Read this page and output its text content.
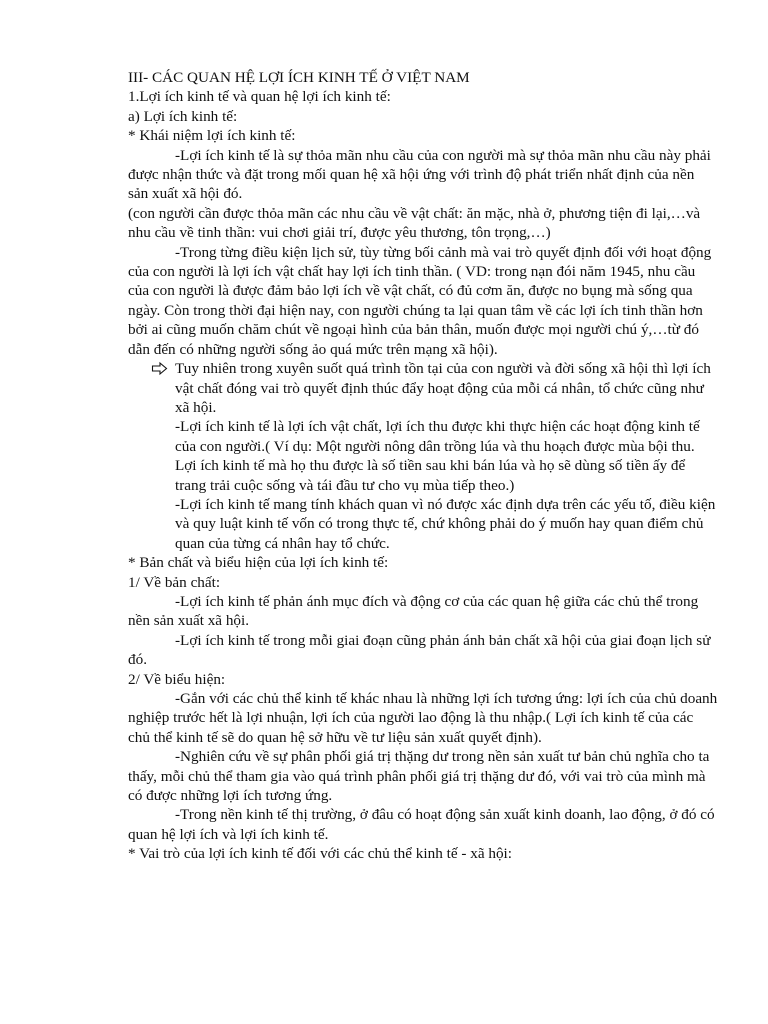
III- CÁC QUAN HỆ LỢI ÍCH KINH TẾ Ở VIỆT NAM

1.Lợi ích kinh tế và quan hệ lợi ích kinh tế:

a) Lợi ích kinh tế:

* Khái niệm lợi ích kinh tế:

-Lợi ích kinh tế là sự thỏa mãn nhu cầu của con người mà sự thỏa mãn nhu cầu này phải được nhận thức và đặt trong mối quan hệ xã hội ứng với trình độ phát triển nhất định của nền sản xuất xã hội đó.

(con người cần được thỏa mãn các nhu cầu về vật chất: ăn mặc, nhà ở, phương tiện đi lại,…và nhu cầu về tinh thần: vui chơi giải trí, được yêu thương, tôn trọng,…)

-Trong từng điều kiện lịch sử, tùy từng bối cảnh mà vai trò quyết định đối với hoạt động của con người là lợi ích vật chất hay lợi ích tinh thần. ( VD: trong nạn đói năm 1945, nhu cầu của con người là được đảm bảo lợi ích về vật chất, có đủ cơm ăn, được no bụng mà sống qua ngày. Còn trong thời đại hiện nay, con người chúng ta lại quan tâm về các lợi ích tinh thần hơn bởi ai cũng muốn chăm chút về ngoại hình của bản thân, muốn được mọi người chú ý,…từ đó dẫn đến có những người sống ảo quá mức trên mạng xã hội).

Tuy nhiên trong xuyên suốt quá trình tồn tại của con người và đời sống xã hội thì lợi ích vật chất đóng vai trò quyết định thúc đẩy hoạt động của mỗi cá nhân, tổ chức cũng như xã hội.

-Lợi ích kinh tế là lợi ích vật chất, lợi ích thu được khi thực hiện các hoạt động kinh tế của con người.( Ví dụ: Một người nông dân trồng lúa và thu hoạch được mùa bội thu. Lợi ích kinh tế mà họ thu được là số tiền sau khi bán lúa và họ sẽ dùng số tiền ấy để trang trải cuộc sống và tái đầu tư cho vụ mùa tiếp theo.)

-Lợi ích kinh tế mang tính khách quan vì nó được xác định dựa trên các yếu tố, điều kiện và quy luật kinh tế vốn có trong thực tế, chứ không phải do ý muốn hay quan điểm chủ quan của từng cá nhân hay tổ chức.

* Bản chất và biểu hiện của lợi ích kinh tế:

1/ Về bản chất:

-Lợi ích kinh tế phản ánh mục đích và động cơ của các quan hệ giữa các chủ thể trong nền sản xuất xã hội.

-Lợi ích kinh tế trong mỗi giai đoạn cũng phản ánh bản chất xã hội của giai đoạn lịch sử đó.

2/ Về biểu hiện:

-Gắn với các chủ thể kinh tế khác nhau là những lợi ích tương ứng: lợi ích của chủ doanh nghiệp trước hết là lợi nhuận, lợi ích của người lao động là thu nhập.( Lợi ích kinh tế của các chủ thể kinh tế sẽ do quan hệ sở hữu về tư liệu sản xuất quyết định).

-Nghiên cứu về sự phân phối giá trị thặng dư trong nền sản xuất tư bản chủ nghĩa cho ta thấy, mỗi chủ thể tham gia vào quá trình phân phối giá trị thặng dư đó, với vai trò của mình mà có được những lợi ích tương ứng.

-Trong nền kinh tế thị trường, ở đâu có hoạt động sản xuất kinh doanh, lao động, ở đó có quan hệ lợi ích và lợi ích kinh tế.

* Vai trò của lợi ích kinh tế đối với các chủ thể kinh tế - xã hội:
